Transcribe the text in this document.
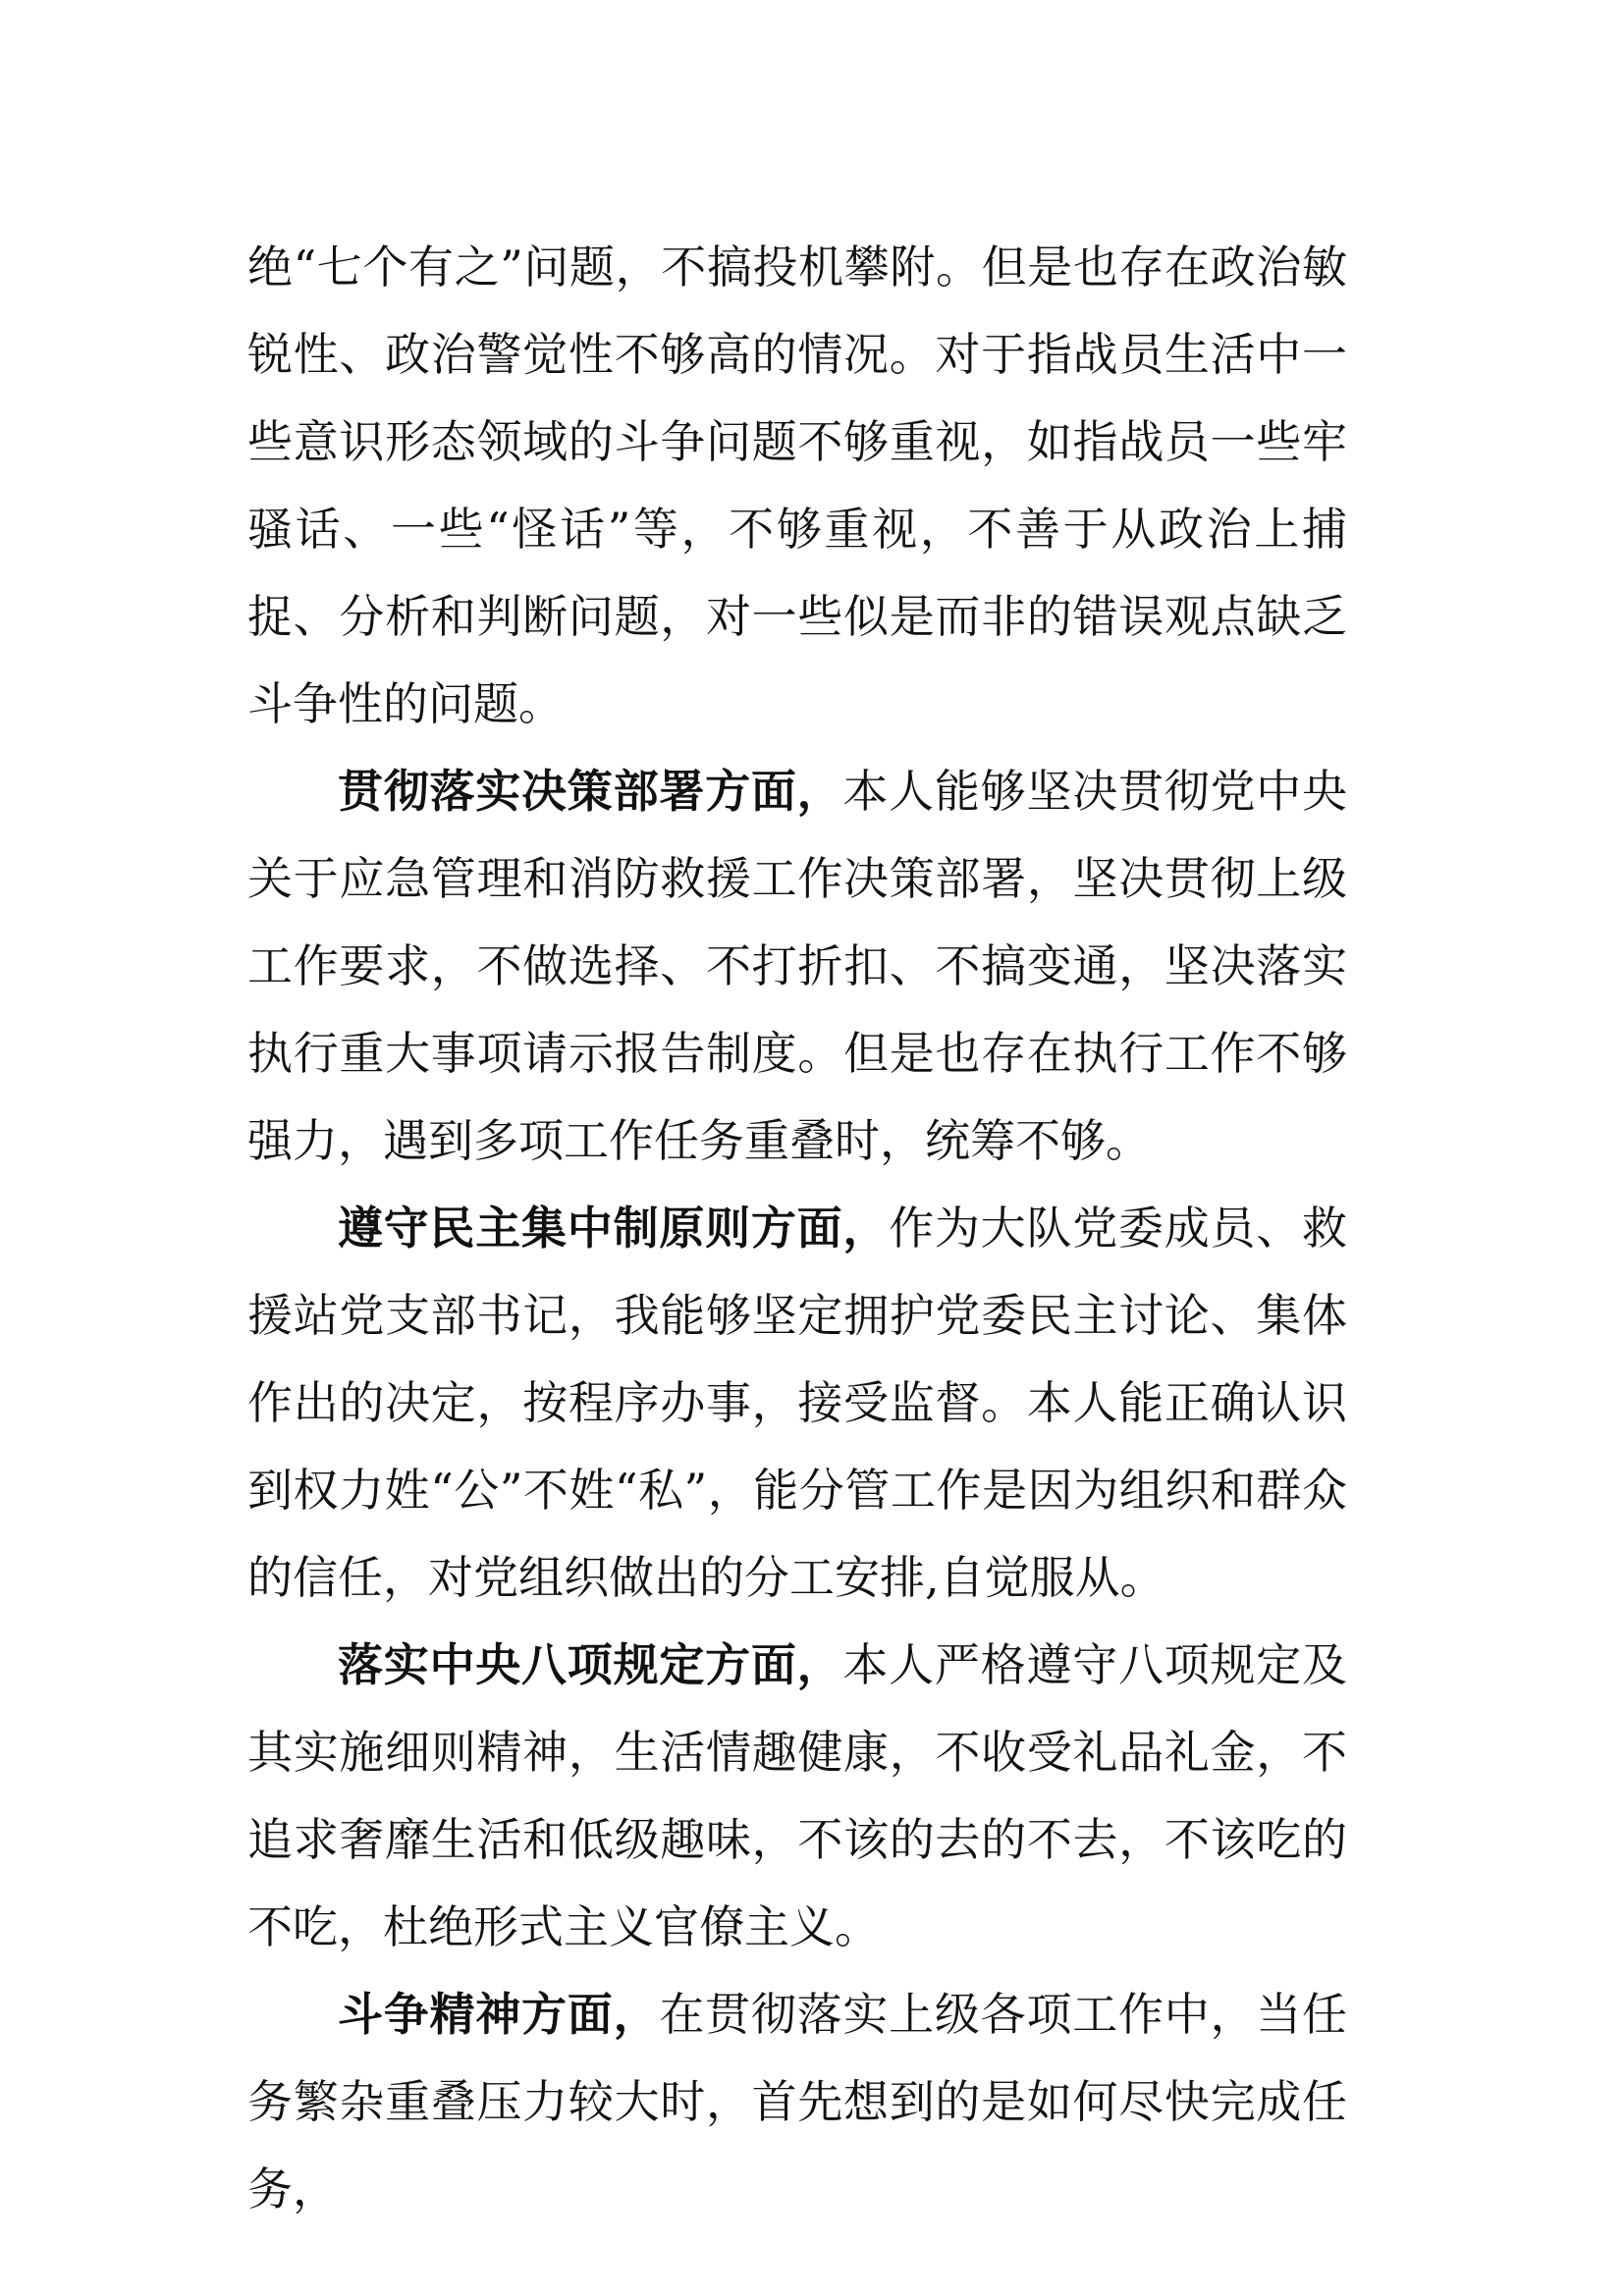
绝“七个有之”问题，不搞投机攀附。但是也存在政治敏锐性、政治警觉性不够高的情况。对于指战员生活中一些意识形态领域的斗争问题不够重视，如指战员一些牢骚话、一些“怪话”等，不够重视，不善于从政治上捕捉、分析和判断问题，对一些似是而非的错误观点缺乏斗争性的问题。

贯彻落实决策部署方面，本人能够坚决贯彻党中央关于应急管理和消防救援工作决策部署，坚决贯彻上级工作要求，不做选择、不打折扣、不搞变通，坚决落实执行重大事项请示报告制度。但是也存在执行工作不够强力，遇到多项工作任务重叠时，统筹不够。

遵守民主集中制原则方面，作为大队党委成员、救援站党支部书记，我能够坚定拥护党委民主讨论、集体作出的决定，按程序办事，接受监督。本人能正确认识到权力姓“公”不姓“私”，能分管工作是因为组织和群众的信任，对党组织做出的分工安排,自觉服从。

落实中央八项规定方面，本人严格遵守八项规定及其实施细则精神，生活情趣健康，不收受礼品礼金，不追求奢靡生活和低级趣味，不该的去的不去，不该吃的不吃，杜绝形式主义官僚主义。

斗争精神方面，在贯彻落实上级各项工作中，当任务繁杂重叠压力较大时，首先想到的是如何尽快完成任务，
